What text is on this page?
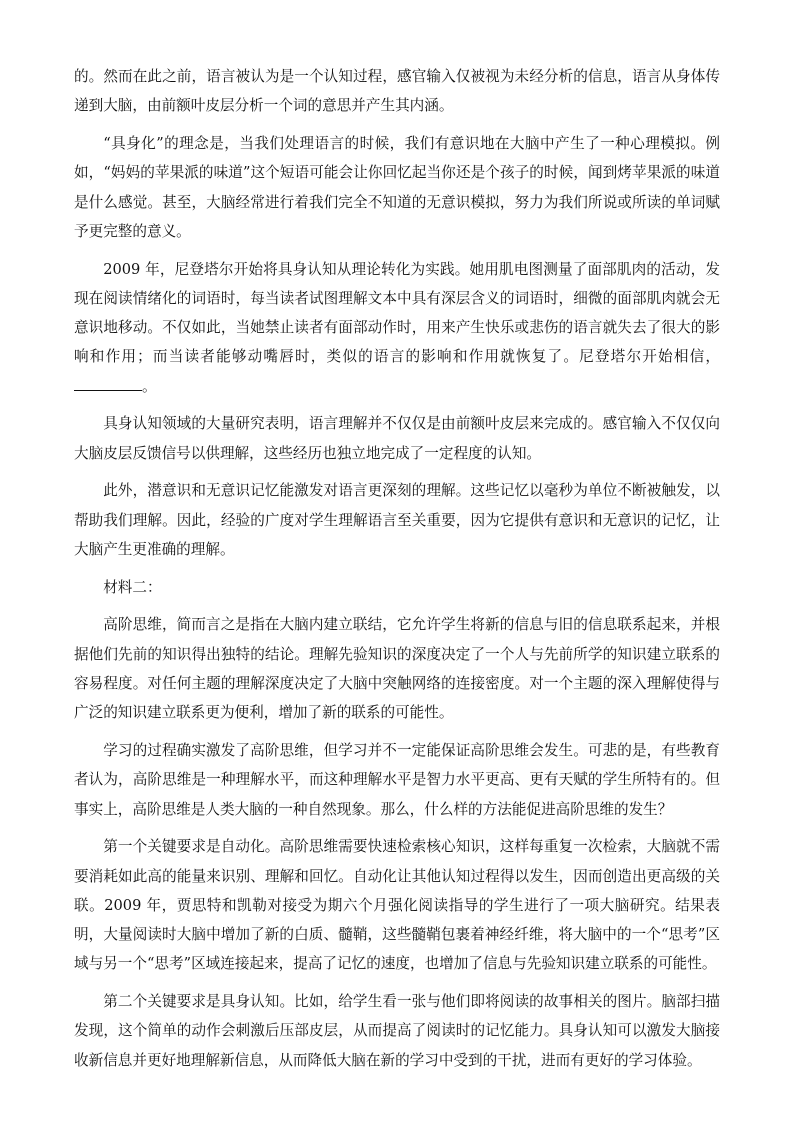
的。然而在此之前，语言被认为是一个认知过程，感官输入仅被视为未经分析的信息，语言从身体传递到大脑，由前额叶皮层分析一个词的意思并产生其内涵。

“具身化”的理念是，当我们处理语言的时候，我们有意识地在大脑中产生了一种心理模拟。例如，“妈妈的苹果派的味道”这个短语可能会让你回忆起当你还是个孩子的时候，闻到烤苹果派的味道是什么感觉。甚至，大脑经常进行着我们完全不知道的无意识模拟，努力为我们所说或所读的单词赋予更完整的意义。

2009 年，尼登塔尔开始将具身认知从理论转化为实践。她用肌电图测量了面部肌肉的活动，发现在阅读情绪化的词语时，每当读者试图理解文本中具有深层含义的词语时，细微的面部肌肉就会无意识地移动。不仅如此，当她禁止读者有面部动作时，用来产生快乐或悲伤的语言就失去了很大的影响和作用；而当读者能够动嘴唇时，类似的语言的影响和作用就恢复了。尼登塔尔开始相信，。

具身认知领域的大量研究表明，语言理解并不仅仅是由前额叶皮层来完成的。感官输入不仅仅向大脑皮层反馈信号以供理解，这些经历也独立地完成了一定程度的认知。

此外，潜意识和无意识记忆能激发对语言更深刻的理解。这些记忆以毫秒为单位不断被触发，以帮助我们理解。因此，经验的广度对学生理解语言至关重要，因为它提供有意识和无意识的记忆，让大脑产生更准确的理解。

材料二：

高阶思维，简而言之是指在大脑内建立联结，它允许学生将新的信息与旧的信息联系起来，并根据他们先前的知识得出独特的结论。理解先验知识的深度决定了一个人与先前所学的知识建立联系的容易程度。对任何主题的理解深度决定了大脑中突触网络的连接密度。对一个主题的深入理解使得与广泛的知识建立联系更为便利，增加了新的联系的可能性。

学习的过程确实激发了高阶思维，但学习并不一定能保证高阶思维会发生。可悲的是，有些教育者认为，高阶思维是一种理解水平，而这种理解水平是智力水平更高、更有天赋的学生所特有的。但事实上，高阶思维是人类大脑的一种自然现象。那么，什么样的方法能促进高阶思维的发生？

第一个关键要求是自动化。高阶思维需要快速检索核心知识，这样每重复一次检索，大脑就不需要消耗如此高的能量来识别、理解和回忆。自动化让其他认知过程得以发生，因而创造出更高级的关联。2009 年，贾思特和凯勒对接受为期六个月强化阅读指导的学生进行了一项大脑研究。结果表明，大量阅读时大脑中增加了新的白质、髓鞘，这些髓鞘包裹着神经纤维，将大脑中的一个“思考”区域与另一个“思考”区域连接起来，提高了记忆的速度，也增加了信息与先验知识建立联系的可能性。

第二个关键要求是具身认知。比如，给学生看一张与他们即将阅读的故事相关的图片。脑部扫描发现，这个简单的动作会刺激后压部皮层，从而提高了阅读时的记忆能力。具身认知可以激发大脑接收新信息并更好地理解新信息，从而降低大脑在新的学习中受到的干扰，进而有更好的学习体验。
